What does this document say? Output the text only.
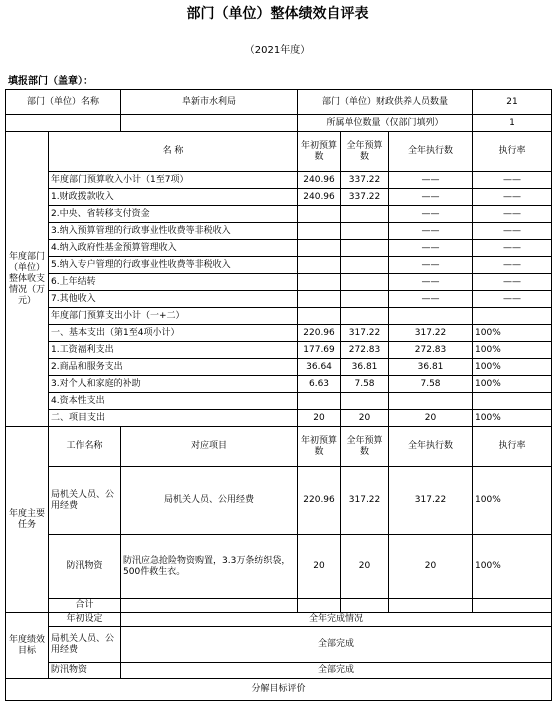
部门（单位）整体绩效自评表
（2021年度）
填报部门（盖章）：
部门（单位）名称		阜新市水利局	部门（单位）财政供养人员数量			21
			所属单位数量（仅部门填列）			1
年度部门（单位）整体收支情况（万元）	名 称		年初预算数	全年预算数	全年执行数	执行率
	年度部门预算收入小计（1至7项）		240.96	337.22	——	——
	1.财政拨款收入		240.96	337.22	——	——
	2.中央、省转移支付资金				——	——
	3.纳入预算管理的行政事业性收费等非税收入				——	——
	4.纳入政府性基金预算管理收入				——	——
	5.纳入专户管理的行政事业性收费等非税收入				——	——
	6.上年结转				——	——
	7.其他收入				——	——
	年度部门预算支出小计（一+二）					
	一、基本支出（第1至4项小计）		220.96	317.22	317.22	100%
	1.工资福利支出		177.69	272.83	272.83	100%
	2.商品和服务支出		36.64	36.81	36.81	100%
	3.对个人和家庭的补助		6.63	7.58	7.58	100%
	4.资本性支出					
	二、项目支出		20	20	20	100%
年度主要任务	工作名称	对应项目	年初预算数	全年预算数	全年执行数	执行率
	局机关人员、公用经费	局机关人员、公用经费	220.96	317.22	317.22	100%
	防汛物资	防汛应急抢险物资购置，3.3万条纺织袋，500件救生衣。	20	20	20	100%
	合计					
年度绩效目标	年初设定	全年完成情况				
	局机关人员、公用经费	全部完成				
	防汛物资	全部完成				
分解目标评价						
